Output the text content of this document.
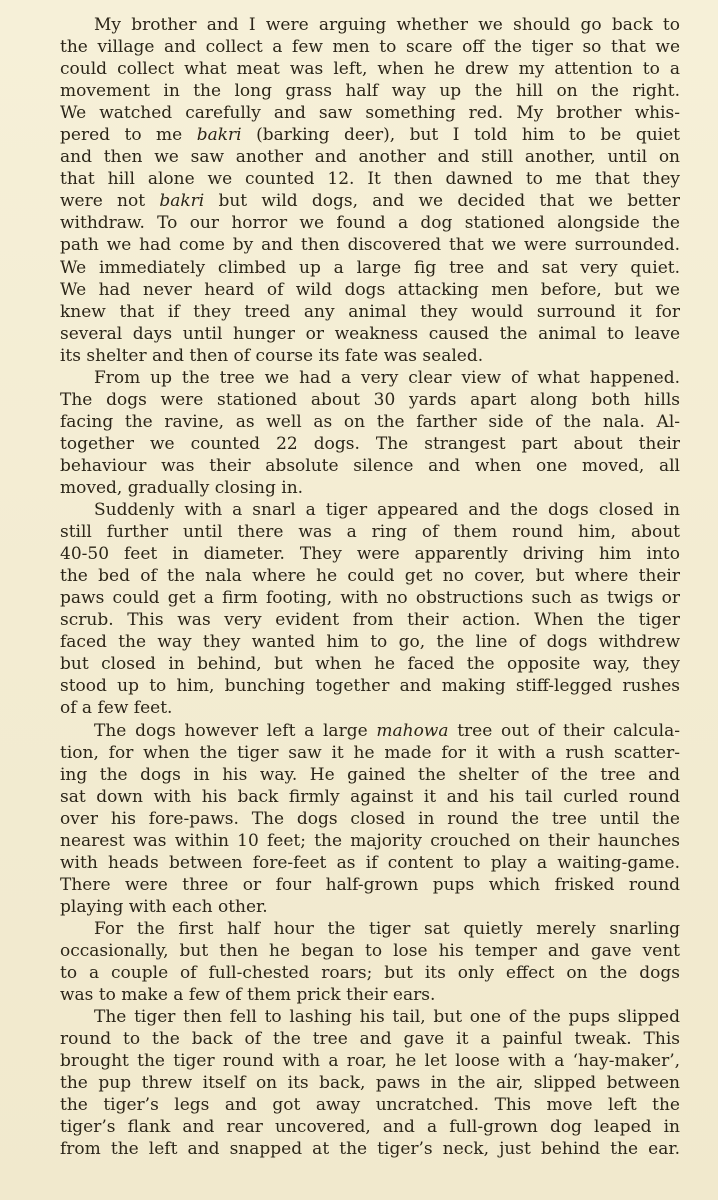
My brother and I were arguing whether we should go back to
the village and collect a few men to scare off the tiger so that we
could collect what meat was left, when he drew my attention to a
movement in the long grass half way up the hill on the right.
We watched carefully and saw something red. My brother whis-
pered to me bakri (barking deer), but I told him to be quiet
and then we saw another and another and still another, until on
that hill alone we counted 12. It then dawned to me that they
were not bakri but wild dogs, and we decided that we better
withdraw. To our horror we found a dog stationed alongside the
path we had come by and then discovered that we were surrounded.
We immediately climbed up a large fig tree and sat very quiet.
We had never heard of wild dogs attacking men before, but we
knew that if they treed any animal they would surround it for
several days until hunger or weakness caused the animal to leave
its shelter and then of course its fate was sealed.
From up the tree we had a very clear view of what happened.
The dogs were stationed about 30 yards apart along both hills
facing the ravine, as well as on the farther side of the nala. Al-
together we counted 22 dogs. The strangest part about their
behaviour was their absolute silence and when one moved, all
moved, gradually closing in.
Suddenly with a snarl a tiger appeared and the dogs closed in
still further until there was a ring of them round him, about
40-50 feet in diameter. They were apparently driving him into
the bed of the nala where he could get no cover, but where their
paws could get a firm footing, with no obstructions such as twigs or
scrub. This was very evident from their action. When the tiger
faced the way they wanted him to go, the line of dogs withdrew
but closed in behind, but when he faced the opposite way, they
stood up to him, bunching together and making stiff-legged rushes
of a few feet.
The dogs however left a large mahowa tree out of their calcula-
tion, for when the tiger saw it he made for it with a rush scatter-
ing the dogs in his way. He gained the shelter of the tree and
sat down with his back firmly against it and his tail curled round
over his fore-paws. The dogs closed in round the tree until the
nearest was within 10 feet; the majority crouched on their haunches
with heads between fore-feet as if content to play a waiting-game.
There were three or four half-grown pups which frisked round
playing with each other.
For the first half hour the tiger sat quietly merely snarling
occasionally, but then he began to lose his temper and gave vent
to a couple of full-chested roars; but its only effect on the dogs
was to make a few of them prick their ears.
The tiger then fell to lashing his tail, but one of the pups slipped
round to the back of the tree and gave it a painful tweak. This
brought the tiger round with a roar, he let loose with a ‘hay-maker’,
the pup threw itself on its back, paws in the air, slipped between
the tiger’s legs and got away uncratched. This move left the
tiger’s flank and rear uncovered, and a full-grown dog leaped in
from the left and snapped at the tiger’s neck, just behind the ear.
